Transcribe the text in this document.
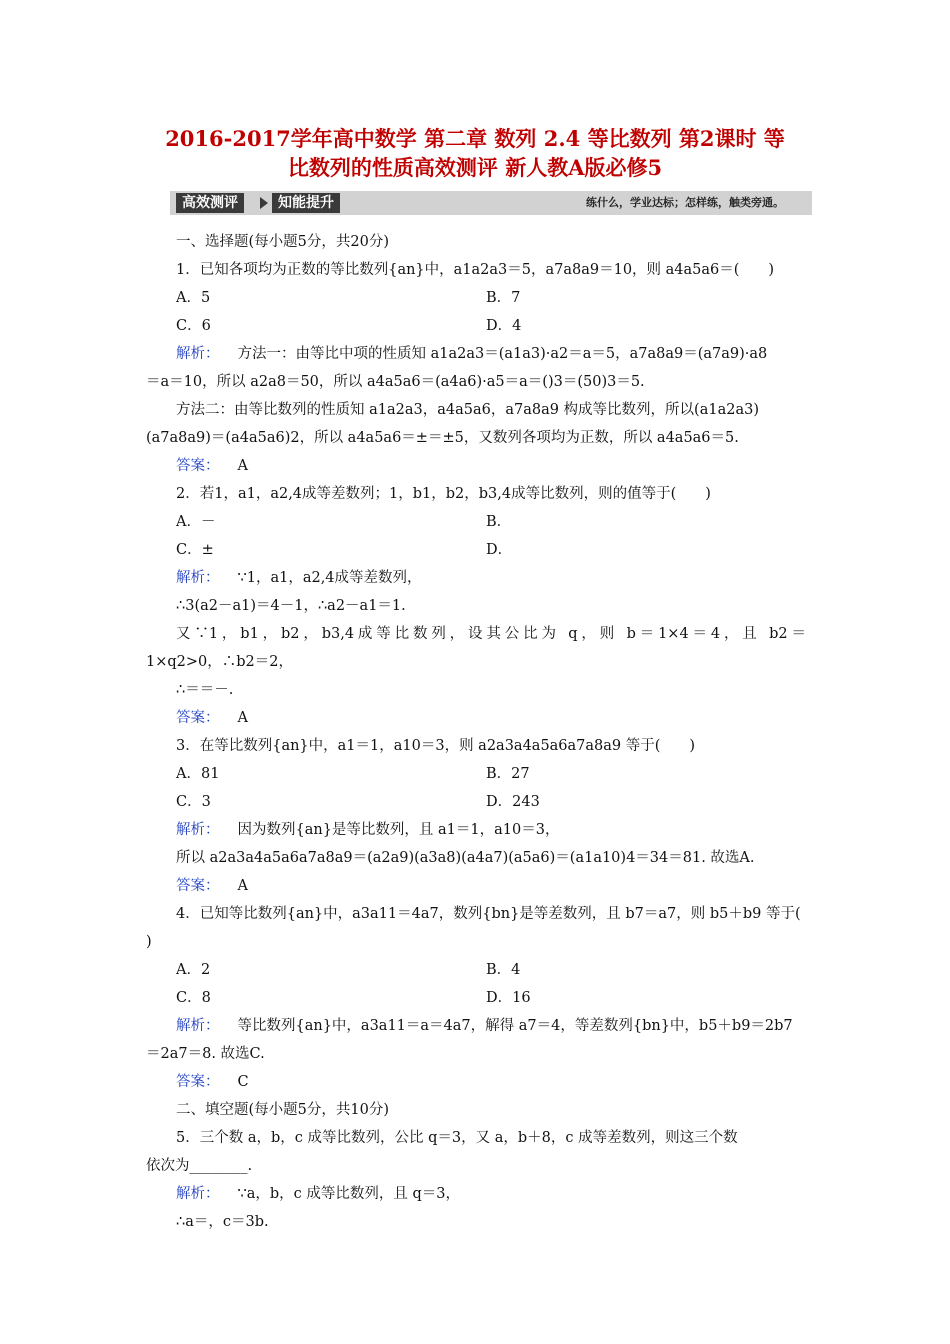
2016-2017学年高中数学 第二章 数列 2.4 等比数列 第2课时 等
比数列的性质高效测评 新人教A版必修5
高效测评	知能提升	练什么，学业达标；怎样练，触类旁通。
一、选择题(每小题5分，共20分)
1．已知各项均为正数的等比数列{an}中，a1a2a3＝5，a7a8a9＝10，则 a4a5a6＝(　　)
A．5	B．7
C．6	D．4
解析： 方法一：由等比中项的性质知 a1a2a3＝(a1a3)·a2＝a＝5，a7a8a9＝(a7a9)·a8
＝a＝10，所以 a2a8＝50，所以 a4a5a6＝(a4a6)·a5＝a＝()3＝(50)3＝5.
方法二：由等比数列的性质知 a1a2a3，a4a5a6，a7a8a9 构成等比数列，所以(a1a2a3)
(a7a8a9)＝(a4a5a6)2，所以 a4a5a6＝±＝±5，又数列各项均为正数，所以 a4a5a6＝5.
答案： A
2．若1，a1，a2,4成等差数列；1，b1，b2，b3,4成等比数列，则的值等于(　　)
A．－	B．
C．±	D．
解析： ∵1，a1，a2,4成等差数列，
∴3(a2－a1)＝4－1，∴a2－a1＝1.
又∵1，b1，b2，b3,4成等比数列，设其公比为 q，则 b＝1×4＝4，且 b2＝
1×q2>0，∴b2＝2，
∴＝＝－.
答案： A
3．在等比数列{an}中，a1＝1，a10＝3，则 a2a3a4a5a6a7a8a9 等于(　　)
A．81	B．27
C．3	D．243
解析： 因为数列{an}是等比数列，且 a1＝1，a10＝3，
所以 a2a3a4a5a6a7a8a9＝(a2a9)(a3a8)(a4a7)(a5a6)＝(a1a10)4＝34＝81. 故选A.
答案： A
4．已知等比数列{an}中，a3a11＝4a7，数列{bn}是等差数列，且 b7＝a7，则 b5＋b9 等于(
)
A．2	B．4
C．8	D．16
解析： 等比数列{an}中，a3a11＝a＝4a7，解得 a7＝4，等差数列{bn}中，b5＋b9＝2b7
＝2a7＝8. 故选C.
答案： C
二、填空题(每小题5分，共10分)
5．三个数 a，b，c 成等比数列，公比 q＝3，又 a，b＋8，c 成等差数列，则这三个数
依次为________.
解析： ∵a，b，c 成等比数列，且 q＝3，
∴a＝，c＝3b.
